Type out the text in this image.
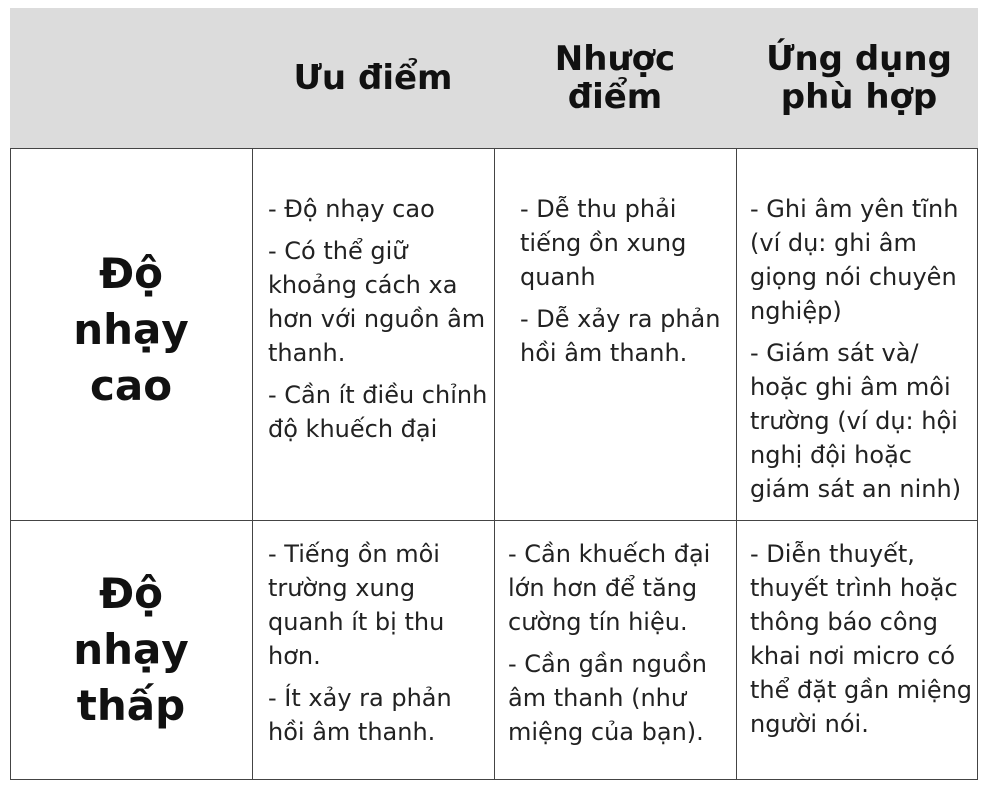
Ưu điểm	Nhược điểm
Ứng dụng phù hợp
Độ nhạy cao

- Độ nhạy cao

- Có thể giữ khoảng cách xa hơn với nguồn âm thanh.

- Cần ít điều chỉnh độ khuếch đại

- Dễ thu phải tiếng ồn xung quanh

- Dễ xảy ra phản hồi âm thanh.

- Ghi âm yên tĩnh (ví dụ: ghi âm giọng nói chuyên nghiệp)

- Giám sát và/ hoặc ghi âm môi trường (ví dụ: hội nghị đội hoặc giám sát an ninh)

Độ nhạy thấp

- Tiếng ồn môi trường xung quanh ít bị thu hơn.

- Ít xảy ra phản hồi âm thanh.

- Cần khuếch đại lớn hơn để tăng cường tín hiệu.

- Cần gần nguồn âm thanh (như miệng của bạn).

- Diễn thuyết, thuyết trình hoặc thông báo công khai nơi micro có thể đặt gần miệng người nói.
